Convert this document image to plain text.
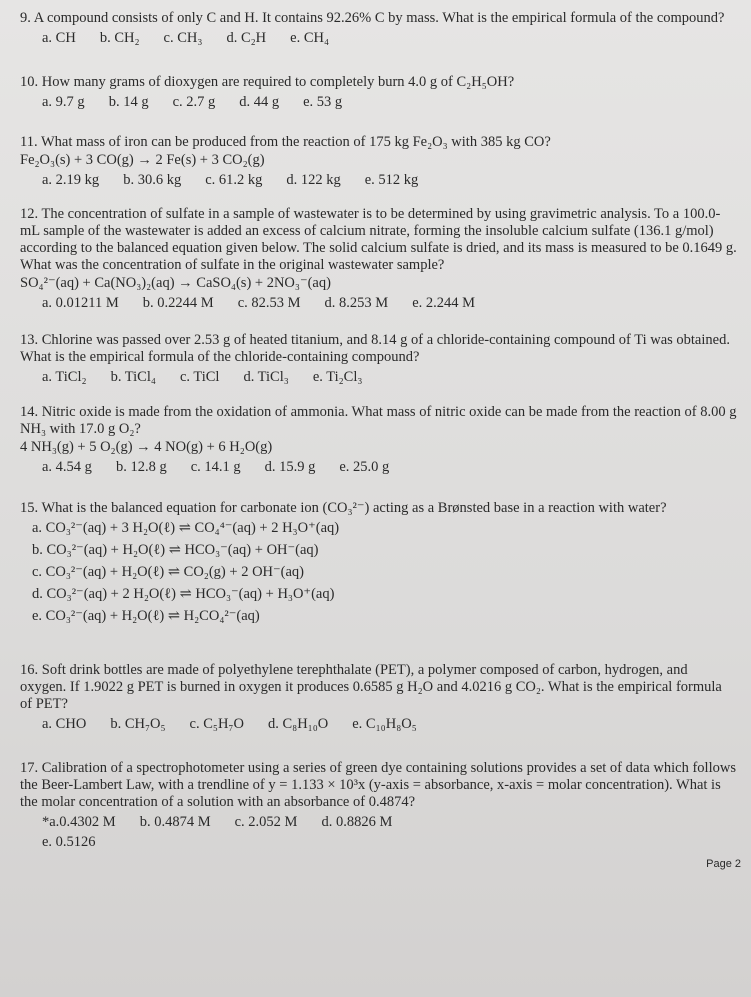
9. A compound consists of only C and H. It contains 92.26% C by mass. What is the empirical formula of the compound?

a. CH b. CH₂ c. CH₃ d. C₂H e. CH₄

10. How many grams of dioxygen are required to completely burn 4.0 g of C₂H₅OH?

a. 9.7 g b. 14 g c. 2.7 g d. 44 g e. 53 g

11. What mass of iron can be produced from the reaction of 175 kg Fe₂O₃ with 385 kg CO?

Fe₂O₃(s) + 3 CO(g) → 2 Fe(s) + 3 CO₂(g)
a. 2.19 kg b. 30.6 kg c. 61.2 kg d. 122 kg e. 512 kg

12. The concentration of sulfate in a sample of wastewater is to be determined by using gravimetric analysis. To a 100.0-mL sample of the wastewater is added an excess of calcium nitrate, forming the insoluble calcium sulfate (136.1 g/mol) according to the balanced equation given below. The solid calcium sulfate is dried, and its mass is measured to be 0.1649 g. What was the concentration of sulfate in the original wastewater sample?

SO₄²⁻(aq) + Ca(NO₃)₂(aq) → CaSO₄(s) + 2NO₃⁻(aq)
a. 0.01211 M b. 0.2244 M c. 82.53 M d. 8.253 M e. 2.244 M

13. Chlorine was passed over 2.53 g of heated titanium, and 8.14 g of a chloride-containing compound of Ti was obtained. What is the empirical formula of the chloride-containing compound?

a. TiCl₂ b. TiCl₄ c. TiCl d. TiCl₃ e. Ti₂Cl₃

14. Nitric oxide is made from the oxidation of ammonia. What mass of nitric oxide can be made from the reaction of 8.00 g NH₃ with 17.0 g O₂?

4 NH₃(g) + 5 O₂(g) → 4 NO(g) + 6 H₂O(g)
a. 4.54 g b. 12.8 g c. 14.1 g d. 15.9 g e. 25.0 g

15. What is the balanced equation for carbonate ion (CO₃²⁻) acting as a Brønsted base in a reaction with water?

a. CO₃²⁻(aq) + 3 H₂O(ℓ) ⇌ CO₄⁴⁻(aq) + 2 H₃O⁺(aq)
b. CO₃²⁻(aq) + H₂O(ℓ) ⇌ HCO₃⁻(aq) + OH⁻(aq)
c. CO₃²⁻(aq) + H₂O(ℓ) ⇌ CO₂(g) + 2 OH⁻(aq)
d. CO₃²⁻(aq) + 2 H₂O(ℓ) ⇌ HCO₃⁻(aq) + H₃O⁺(aq)
e. CO₃²⁻(aq) + H₂O(ℓ) ⇌ H₂CO₄²⁻(aq)

16. Soft drink bottles are made of polyethylene terephthalate (PET), a polymer composed of carbon, hydrogen, and oxygen. If 1.9022 g PET is burned in oxygen it produces 0.6585 g H₂O and 4.0216 g CO₂. What is the empirical formula of PET?

a. CHO b. CH₇O₅ c. C₅H₇O d. C₈H₁₀O e. C₁₀H₈O₅

17. Calibration of a spectrophotometer using a series of green dye containing solutions provides a set of data which follows the Beer-Lambert Law, with a trendline of y = 1.133 × 10³x (y-axis = absorbance, x-axis = molar concentration). What is the molar concentration of a solution with an absorbance of 0.4874?

*a.0.4302 M b. 0.4874 M c. 2.052 M d. 0.8826 M
e. 0.5126
Page 2
